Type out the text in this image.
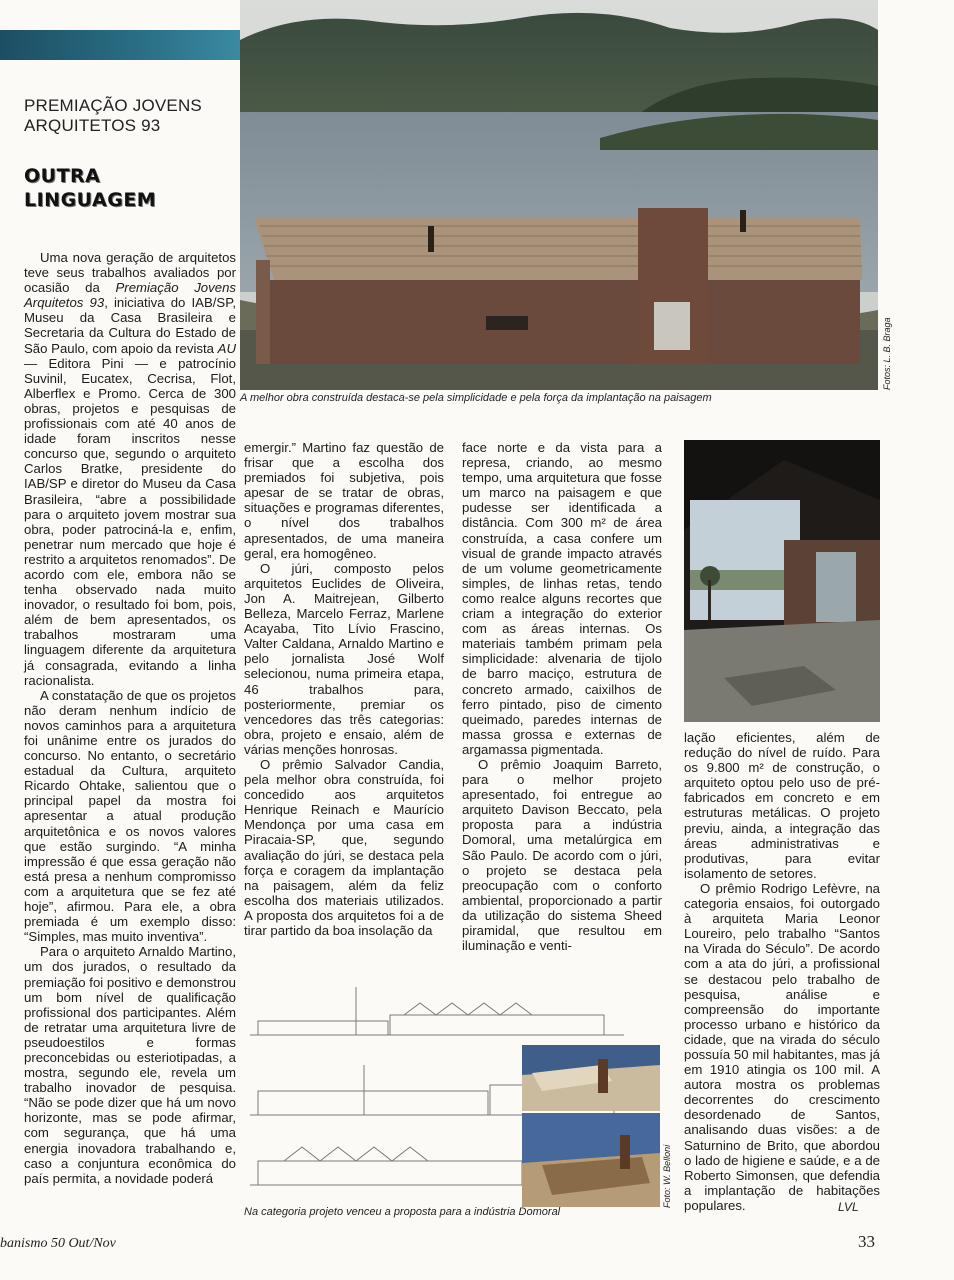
PREMIAÇÃO JOVENS
ARQUITETOS 93
OUTRA
LINGUAGEM
A melhor obra construída destaca-se pela simplicidade e pela força da implantação na paisagem
Fotos: L. B. Braga

Uma nova geração de arquitetos teve seus trabalhos avaliados por ocasião da Premiação Jovens Arquitetos 93, iniciativa do IAB/SP, Museu da Casa Brasileira e Secretaria da Cultura do Estado de São Paulo, com apoio da revista AU — Editora Pini — e patrocínio Suvinil, Eucatex, Cecrisa, Flot, Alberflex e Promo. Cerca de 300 obras, projetos e pesquisas de profissionais com até 40 anos de idade foram inscritos nesse concurso que, segundo o arquiteto Carlos Bratke, presidente do IAB/SP e diretor do Museu da Casa Brasileira, “abre a possibilidade para o arquiteto jovem mostrar sua obra, poder patrociná-la e, enfim, penetrar num mercado que hoje é restrito a arquitetos renomados”. De acordo com ele, embora não se tenha observado nada muito inovador, o resultado foi bom, pois, além de bem apresentados, os trabalhos mostraram uma linguagem diferente da arquitetura já consagrada, evitando a linha racionalista.

A constatação de que os projetos não deram nenhum indício de novos caminhos para a arquitetura foi unânime entre os jurados do concurso. No entanto, o secretário estadual da Cultura, arquiteto Ricardo Ohtake, salientou que o principal papel da mostra foi apresentar a atual produção arquitetônica e os novos valores que estão surgindo. “A minha impressão é que essa geração não está presa a nenhum compromisso com a arquitetura que se fez até hoje”, afirmou. Para ele, a obra premiada é um exemplo disso: “Simples, mas muito inventiva”.

Para o arquiteto Arnaldo Martino, um dos jurados, o resultado da premiação foi positivo e demonstrou um bom nível de qualificação profissional dos participantes. Além de retratar uma arquitetura livre de pseudoestilos e formas preconcebidas ou esteriotipadas, a mostra, segundo ele, revela um trabalho inovador de pesquisa. “Não se pode dizer que há um novo horizonte, mas se pode afirmar, com segurança, que há uma energia inovadora trabalhando e, caso a conjuntura econômica do país permita, a novidade poderá

emergir.” Martino faz questão de frisar que a escolha dos premiados foi subjetiva, pois apesar de se tratar de obras, situações e programas diferentes, o nível dos trabalhos apresentados, de uma maneira geral, era homogêneo.

O júri, composto pelos arquitetos Euclides de Oliveira, Jon A. Maitrejean, Gilberto Belleza, Marcelo Ferraz, Marlene Acayaba, Tito Lívio Frascino, Valter Caldana, Arnaldo Martino e pelo jornalista José Wolf selecionou, numa primeira etapa, 46 trabalhos para, posteriormente, premiar os vencedores das três categorias: obra, projeto e ensaio, além de várias menções honrosas.

O prêmio Salvador Candia, pela melhor obra construída, foi concedido aos arquitetos Henrique Reinach e Maurício Mendonça por uma casa em Piracaia-SP, que, segundo avaliação do júri, se destaca pela força e coragem da implantação na paisagem, além da feliz escolha dos materiais utilizados. A proposta dos arquitetos foi a de tirar partido da boa insolação da

face norte e da vista para a represa, criando, ao mesmo tempo, uma arquitetura que fosse um marco na paisagem e que pudesse ser identificada a distância. Com 300 m² de área construída, a casa confere um visual de grande impacto através de um volume geometricamente simples, de linhas retas, tendo como realce alguns recortes que criam a integração do exterior com as áreas internas. Os materiais também primam pela simplicidade: alvenaria de tijolo de barro maciço, estrutura de concreto armado, caixilhos de ferro pintado, piso de cimento queimado, paredes internas de massa grossa e externas de argamassa pigmentada.

O prêmio Joaquim Barreto, para o melhor projeto apresentado, foi entregue ao arquiteto Davison Beccato, pela proposta para a indústria Domoral, uma metalúrgica em São Paulo. De acordo com o júri, o projeto se destaca pela preocupação com o conforto ambiental, proporcionado a partir da utilização do sistema Sheed piramidal, que resultou em iluminação e venti-

lação eficientes, além de redução do nível de ruído. Para os 9.800 m² de construção, o arquiteto optou pelo uso de pré-fabricados em concreto e em estruturas metálicas. O projeto previu, ainda, a integração das áreas administrativas e produtivas, para evitar isolamento de setores.

O prêmio Rodrigo Lefèvre, na categoria ensaios, foi outorgado à arquiteta Maria Leonor Loureiro, pelo trabalho “Santos na Virada do Século”. De acordo com a ata do júri, a profissional se destacou pelo trabalho de pesquisa, análise e compreensão do importante processo urbano e histórico da cidade, que na virada do século possuía 50 mil habitantes, mas já em 1910 atingia os 100 mil. A autora mostra os problemas decorrentes do crescimento desordenado de Santos, analisando duas visões: a de Saturnino de Brito, que abordou o lado de higiene e saúde, e a de Roberto Simonsen, que defendia a implantação de habitações populares.

Na categoria projeto venceu a proposta para a indústria Domoral
Foto: W. Belloni	LVL
banismo 50 Out/Nov	33
